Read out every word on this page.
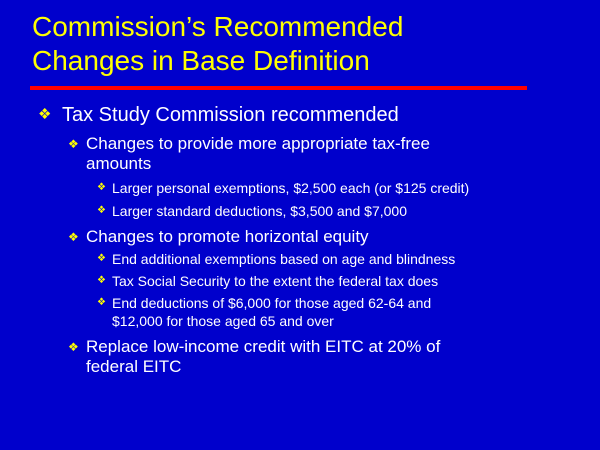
Commission’s Recommended
Changes in Base Definition
❖ Tax Study Commission recommended
❖ Changes to provide more appropriate tax-free
amounts
❖ Larger personal exemptions, $2,500 each (or $125 credit)
❖ Larger standard deductions, $3,500 and $7,000
❖ Changes to promote horizontal equity
❖ End additional exemptions based on age and blindness
❖ Tax Social Security to the extent the federal tax does
❖ End deductions of $6,000 for those aged 62-64 and
$12,000 for those aged 65 and over
❖ Replace low-income credit with EITC at 20% of
federal EITC
